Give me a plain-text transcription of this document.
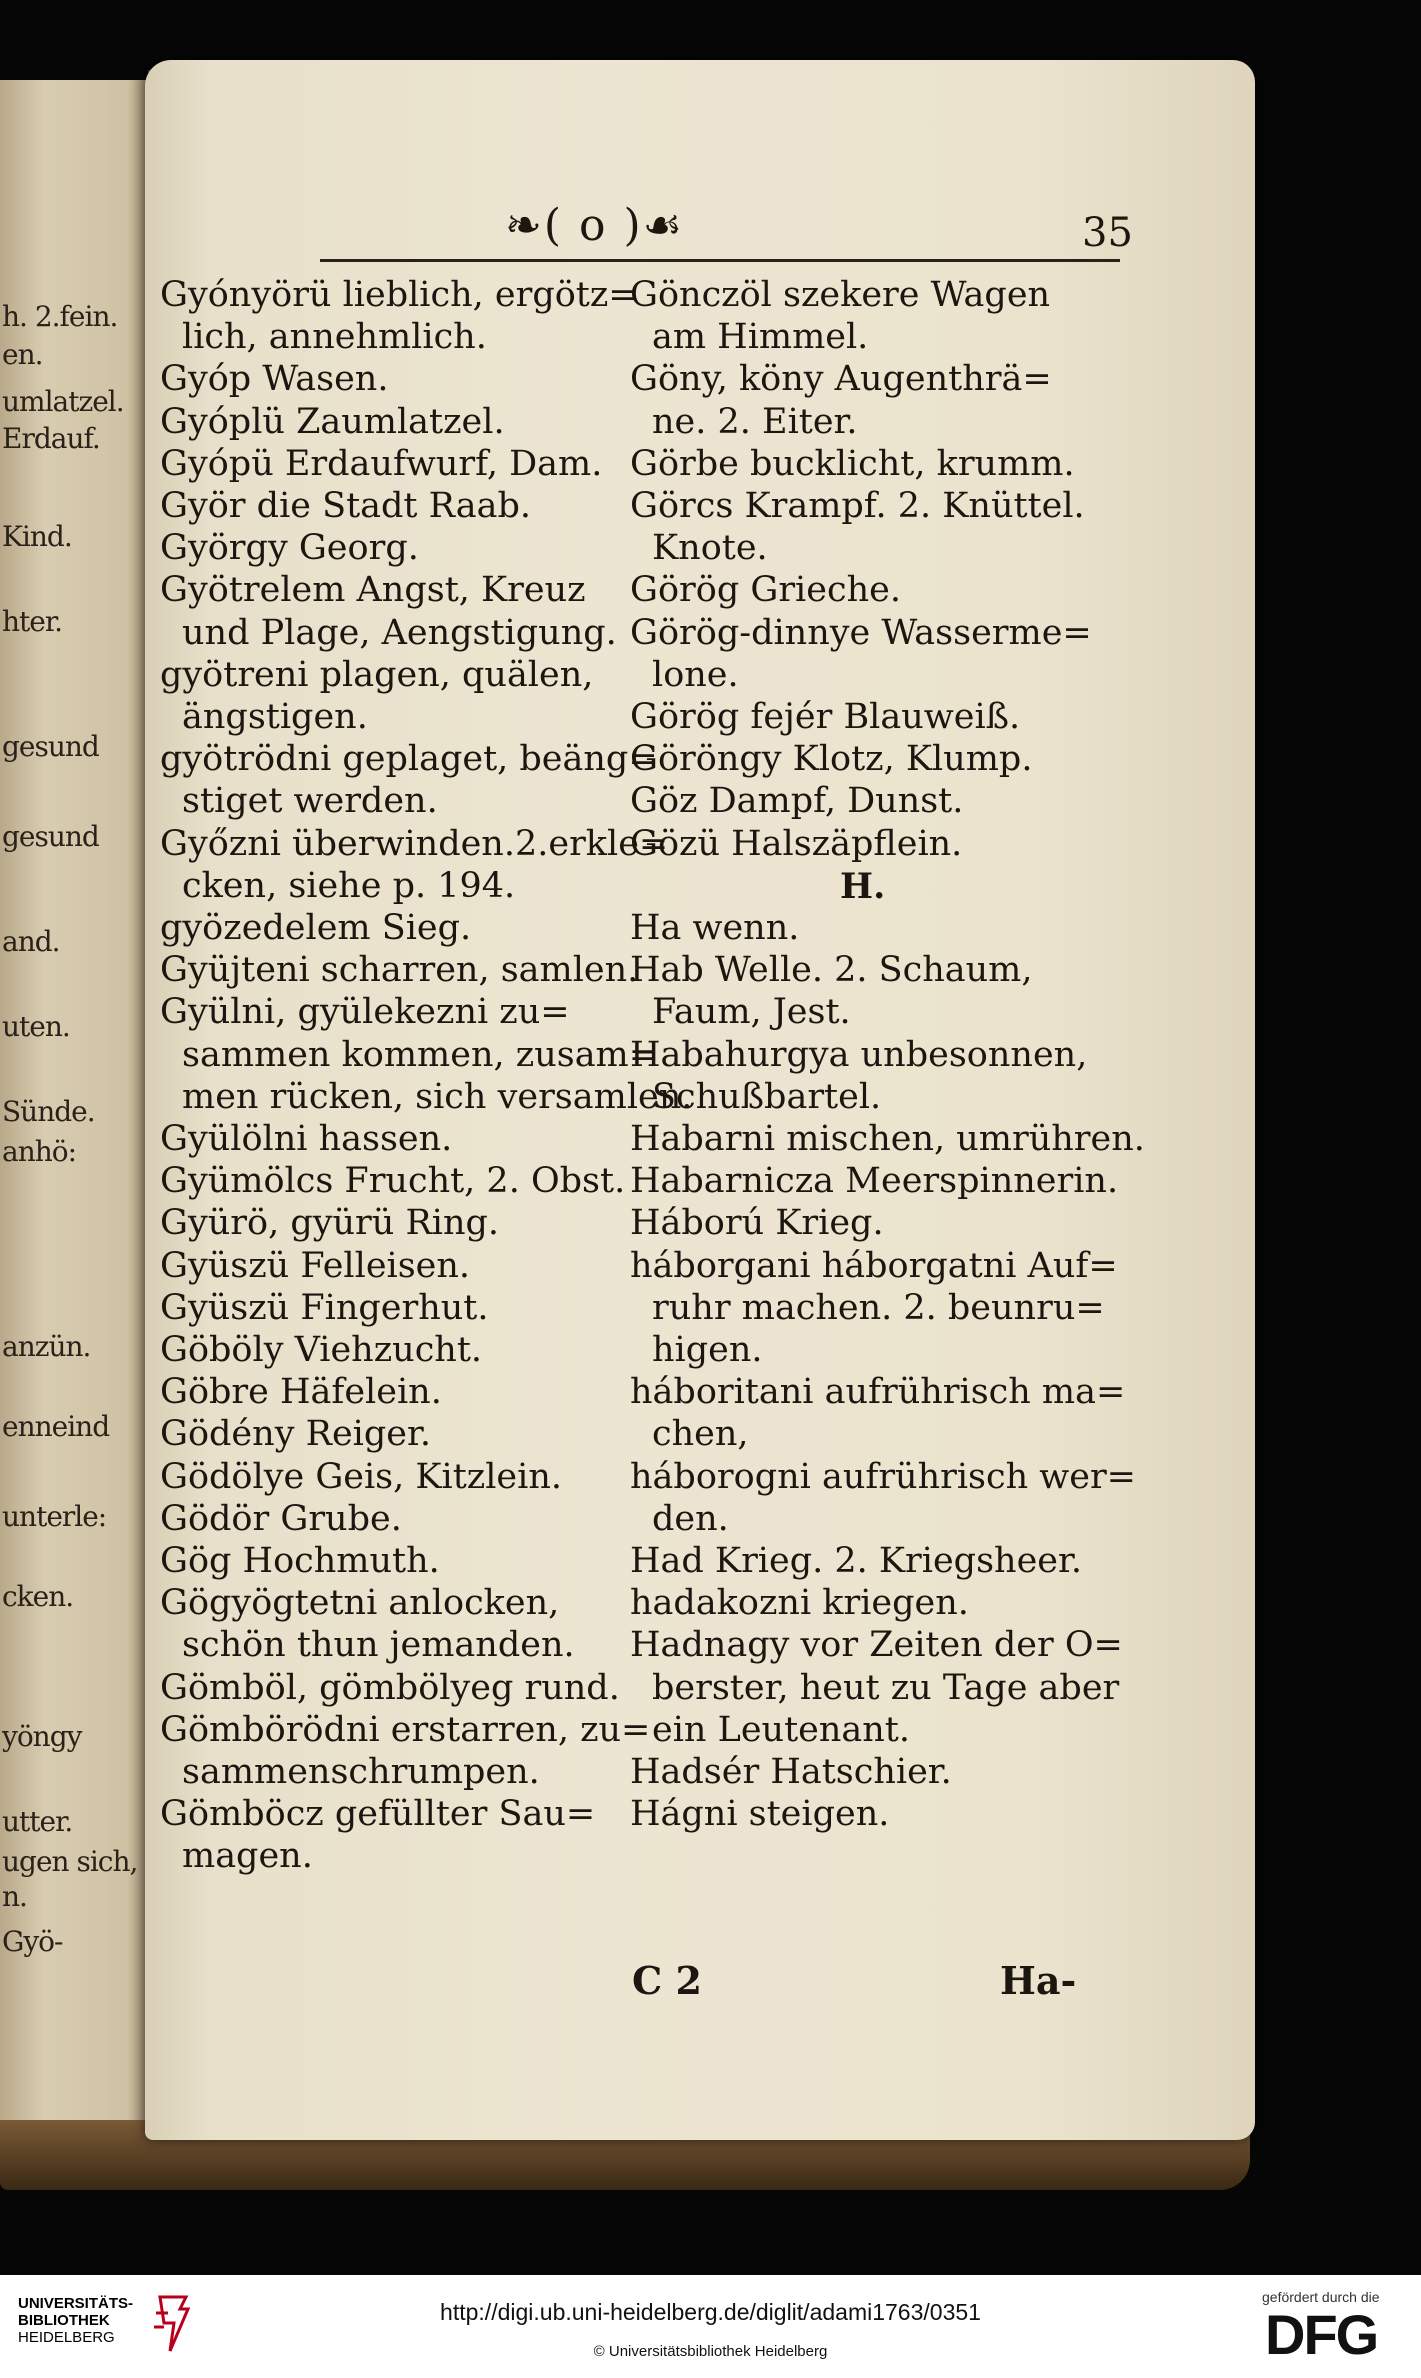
h. 2.fein.
en.
umlatzel.
Erdauf.
Kind.
hter.
gesund
gesund
and.
uten.
Sünde.
anhö:
anzün.
enneind
unterle:
cken.
yöngy
utter.
ugen sich,
n.
Gyö-
❧( o )☙	35
Gyónyörü lieblich, ergötz=
lich, annehmlich.
Gyóp Wasen.
Gyóplü Zaumlatzel.
Gyópü Erdaufwurf, Dam.
Györ die Stadt Raab.
György Georg.
Gyötrelem Angst, Kreuz
und Plage, Aengstigung.
gyötreni plagen, quälen,
ängstigen.
gyötrödni geplaget, beäng=
stiget werden.
Győzni überwinden.2.erkle=
cken, siehe p. 194.
gyözedelem Sieg.
Gyüjteni scharren, samlen.
Gyülni, gyülekezni zu=
sammen kommen, zusam=
men rücken, sich versamlen.
Gyülölni hassen.
Gyümölcs Frucht, 2. Obst.
Gyürö, gyürü Ring.
Gyüszü Felleisen.
Gyüszü Fingerhut.
Göböly Viehzucht.
Göbre Häfelein.
Gödény Reiger.
Gödölye Geis, Kitzlein.
Gödör Grube.
Gög Hochmuth.
Gögyögtetni anlocken,
schön thun jemanden.
Gömböl, gömbölyeg rund.
Gömbörödni erstarren, zu=
sammenschrumpen.
Gömböcz gefüllter Sau=
magen.
Gönczöl szekere Wagen
am Himmel.
Göny, köny Augenthrä=
ne. 2. Eiter.
Görbe bucklicht, krumm.
Görcs Krampf. 2. Knüttel.
Knote.
Görög Grieche.
Görög-dinnye Wasserme=
lone.
Görög fejér Blauweiß.
Göröngy Klotz, Klump.
Göz Dampf, Dunst.
Gözü Halszäpflein.
H.
Ha wenn.
Hab Welle. 2. Schaum,
Faum, Jest.
Habahurgya unbesonnen,
Schußbartel.
Habarni mischen, umrühren.
Habarnicza Meerspinnerin.
Háború Krieg.
háborgani háborgatni Auf=
ruhr machen. 2. beunru=
higen.
háboritani aufrührisch ma=
chen,
háborogni aufrührisch wer=
den.
Had Krieg. 2. Kriegsheer.
hadakozni kriegen.
Hadnagy vor Zeiten der O=
berster, heut zu Tage aber
ein Leutenant.
Hadsér Hatschier.
Hágni steigen.
C 2	Ha-
UNIVERSITÄTS-
BIBLIOTHEK
HEIDELBERG
http://digi.ub.uni-heidelberg.de/diglit/adami1763/0351
© Universitätsbibliothek Heidelberg
gefördert durch die
DFG
